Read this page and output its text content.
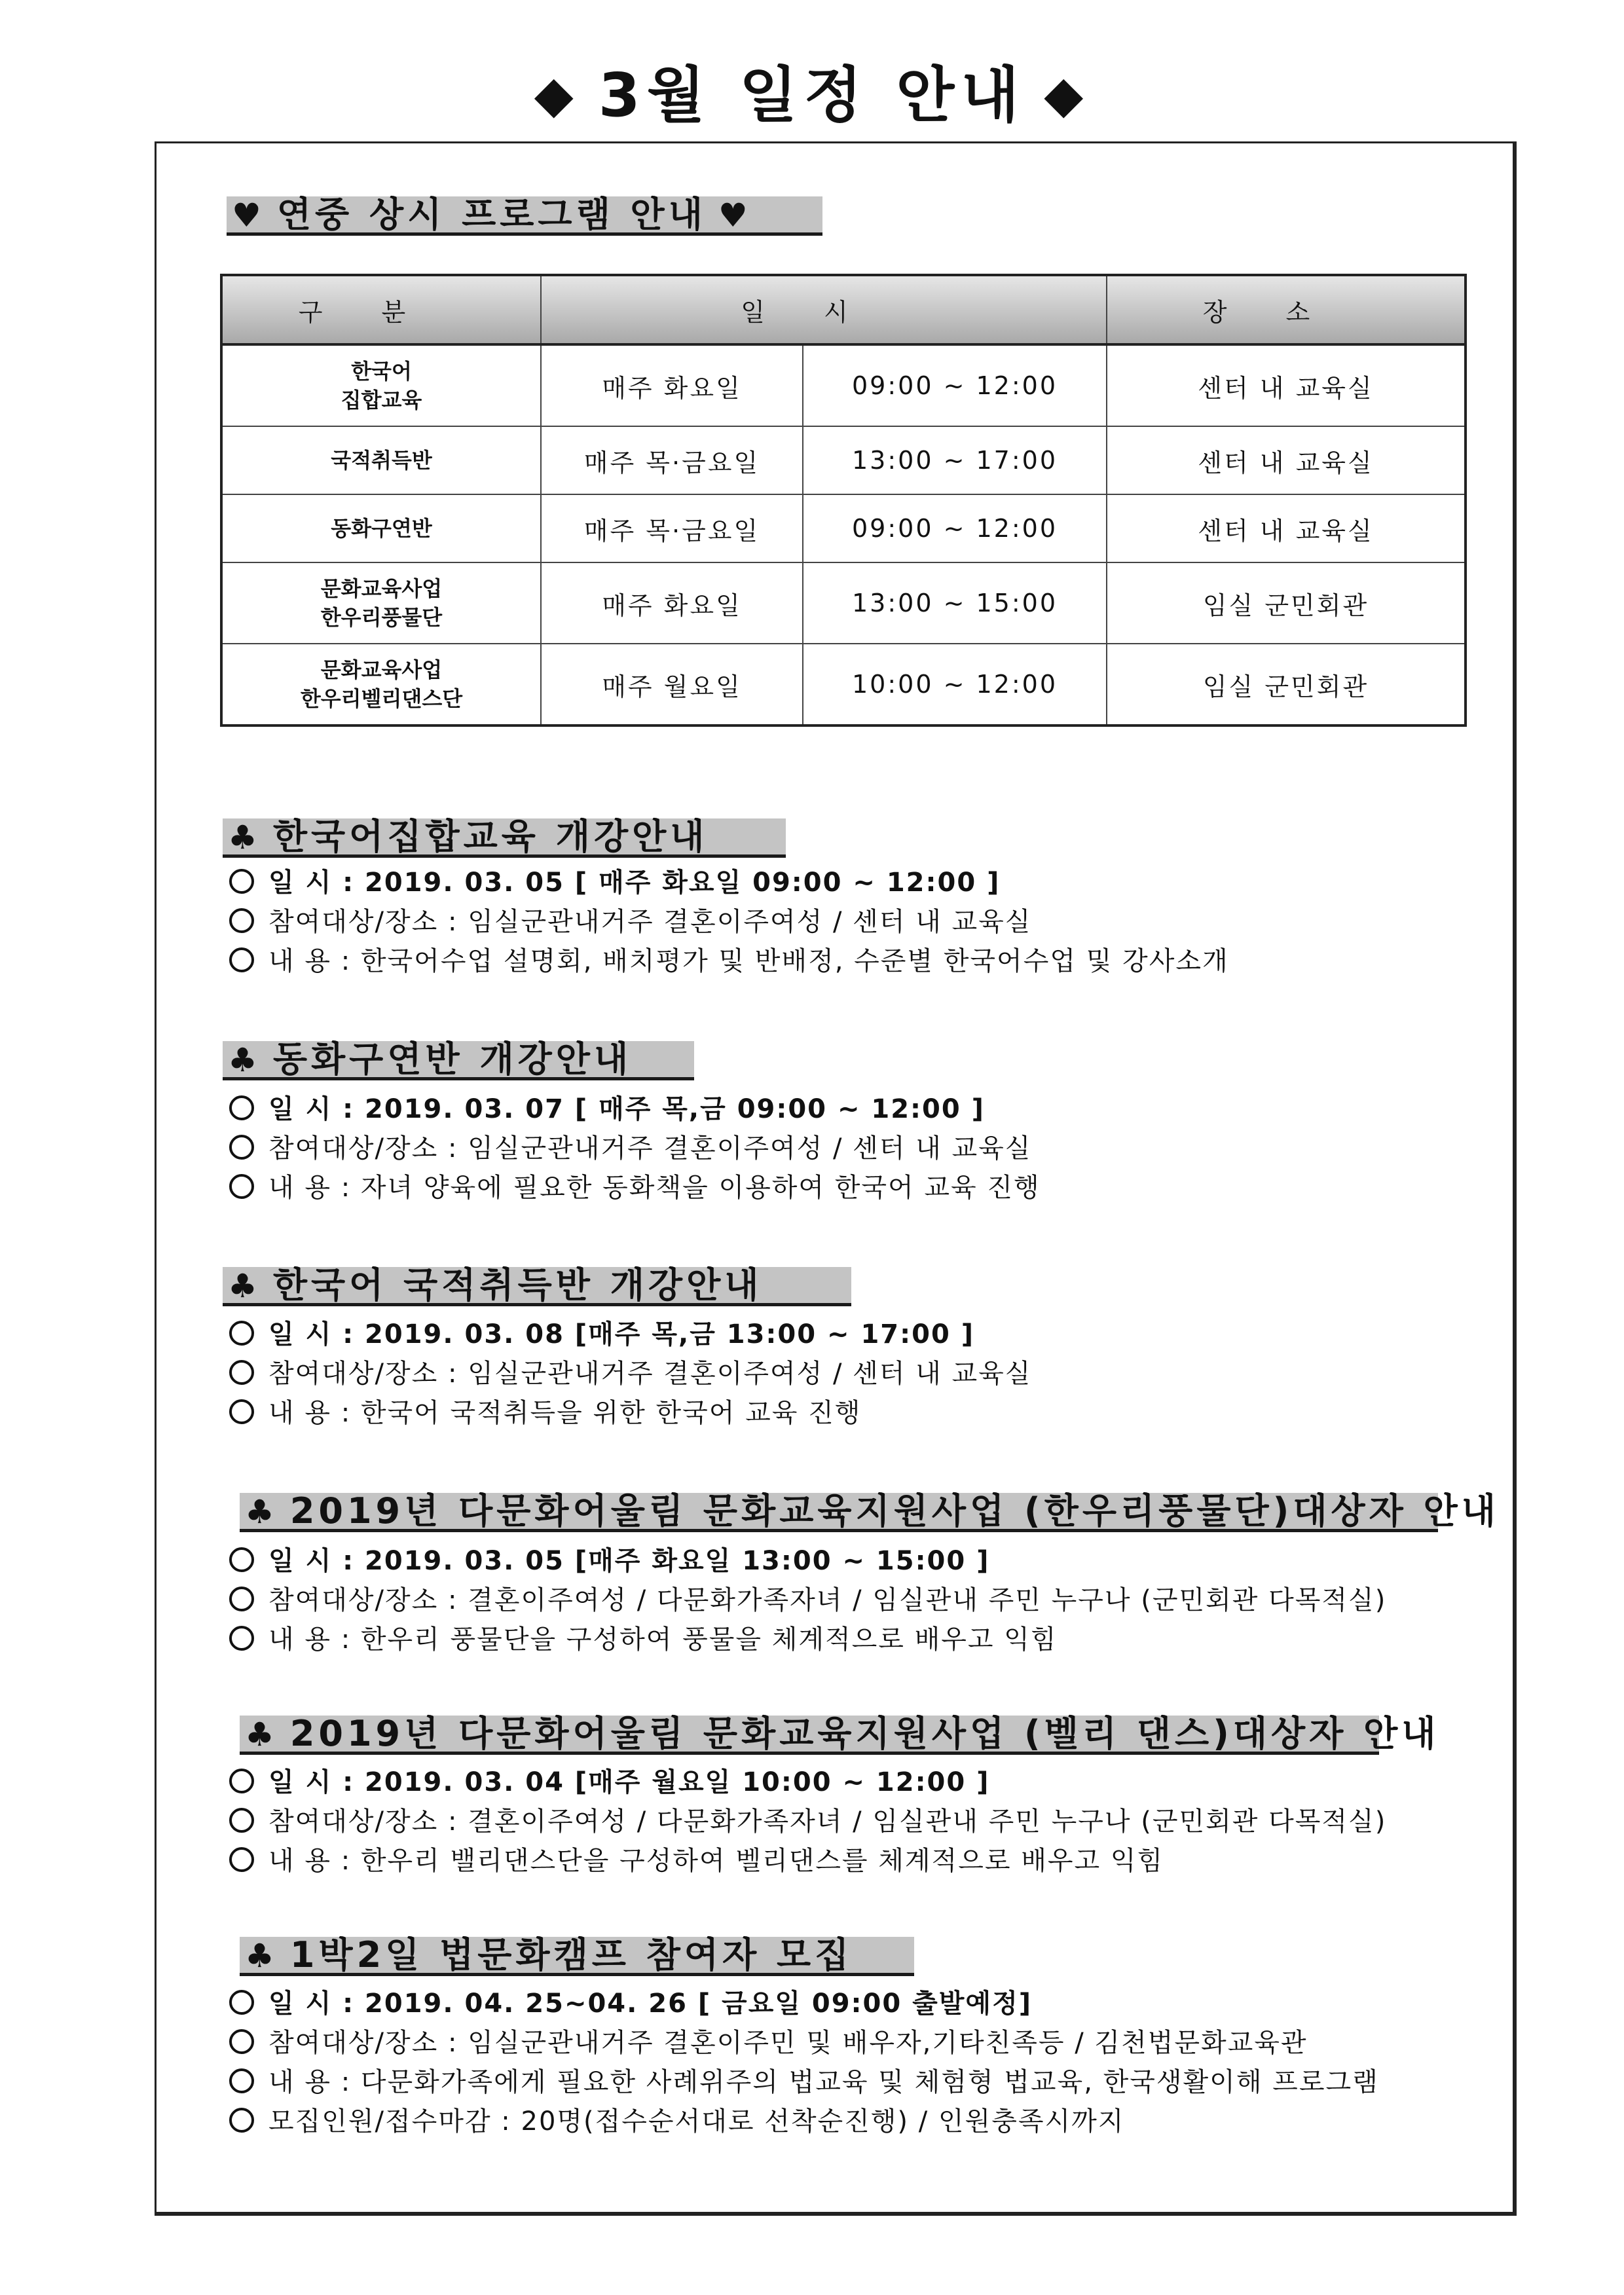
◆ 3월 일정 안내 ◆
♥ 연중 상시 프로그램 안내 ♥
구분	일시		장소
한국어
집합교육	매주 화요일	09:00 ~ 12:00	센터 내 교육실
국적취득반	매주 목·금요일	13:00 ~ 17:00	센터 내 교육실
동화구연반	매주 목·금요일	09:00 ~ 12:00	센터 내 교육실
문화교육사업
한우리풍물단	매주 화요일	13:00 ~ 15:00	임실 군민회관
문화교육사업
한우리벨리댄스단	매주 월요일	10:00 ~ 12:00	임실 군민회관
♣ 한국어집합교육 개강안내
일 시 : 2019. 03. 05 [ 매주 화요일 09:00 ~ 12:00 ]
참여대상/장소 : 임실군관내거주 결혼이주여성 / 센터 내 교육실
내 용 : 한국어수업 설명회, 배치평가 및 반배정, 수준별 한국어수업 및 강사소개
♣ 동화구연반 개강안내
일 시 : 2019. 03. 07 [ 매주 목,금 09:00 ~ 12:00 ]
참여대상/장소 : 임실군관내거주 결혼이주여성 / 센터 내 교육실
내 용 : 자녀 양육에 필요한 동화책을 이용하여 한국어 교육 진행
♣ 한국어 국적취득반 개강안내
일 시 : 2019. 03. 08 [매주 목,금 13:00 ~ 17:00 ]
참여대상/장소 : 임실군관내거주 결혼이주여성 / 센터 내 교육실
내 용 : 한국어 국적취득을 위한 한국어 교육 진행
♣ 2019년 다문화어울림 문화교육지원사업 (한우리풍물단)대상자 안내
일 시 : 2019. 03. 05 [매주 화요일 13:00 ~ 15:00 ]
참여대상/장소 : 결혼이주여성 / 다문화가족자녀 / 임실관내 주민 누구나 (군민회관 다목적실)
내 용 : 한우리 풍물단을 구성하여 풍물을 체계적으로 배우고 익힘
♣ 2019년 다문화어울림 문화교육지원사업 (벨리 댄스)대상자 안내
일 시 : 2019. 03. 04 [매주 월요일 10:00 ~ 12:00 ]
참여대상/장소 : 결혼이주여성 / 다문화가족자녀 / 임실관내 주민 누구나 (군민회관 다목적실)
내 용 : 한우리 밸리댄스단을 구성하여 벨리댄스를 체계적으로 배우고 익힘
♣ 1박2일 법문화캠프 참여자 모집
일 시 : 2019. 04. 25~04. 26 [ 금요일 09:00 출발예정]
참여대상/장소 : 임실군관내거주 결혼이주민 및 배우자,기타친족등 / 김천법문화교육관
내 용 : 다문화가족에게 필요한 사례위주의 법교육 및 체험형 법교육, 한국생활이해 프로그램
모집인원/접수마감 : 20명(접수순서대로 선착순진행) / 인원충족시까지
